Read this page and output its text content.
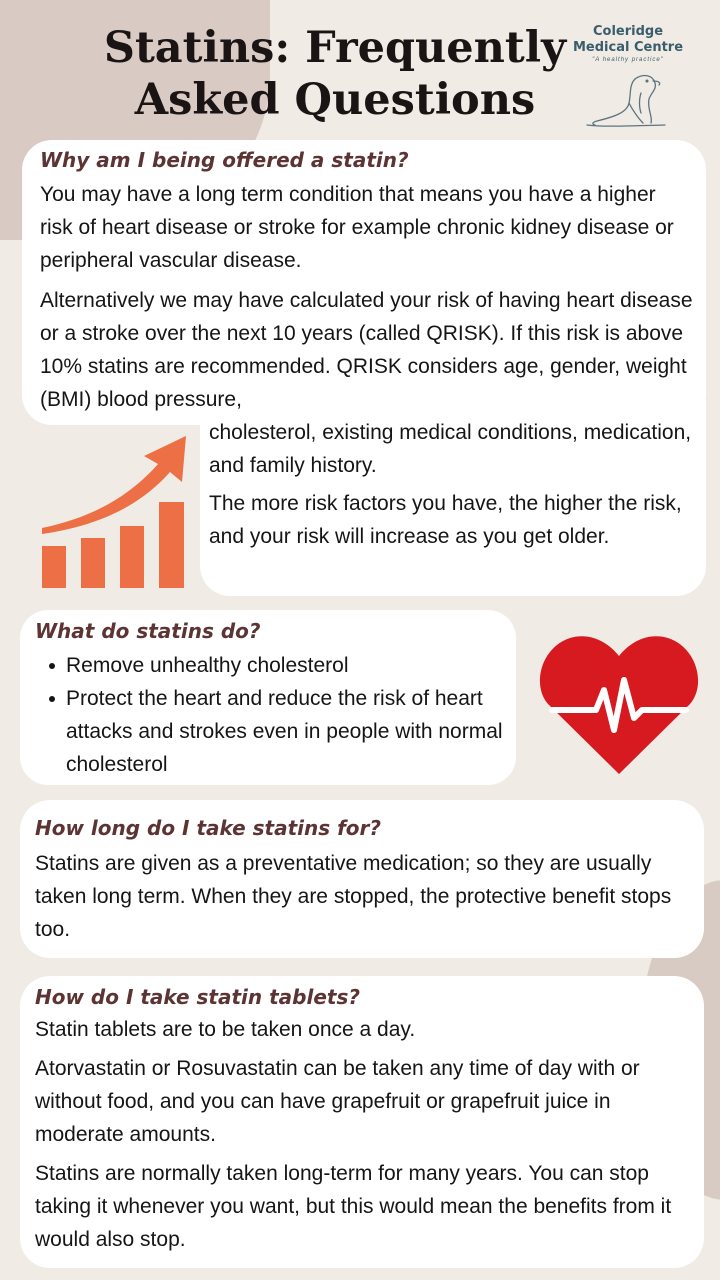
Statins: Frequently
Asked Questions
Coleridge
Medical Centre
"A healthy practice"
Why am I being offered a statin?

You may have a long term condition that means you have a higher risk of heart disease or stroke for example chronic kidney disease or peripheral vascular disease.

Alternatively we may have calculated your risk of having heart disease or a stroke over the next 10 years (called QRISK). If this risk is above 10% statins are recommended. QRISK considers age, gender, weight (BMI) blood pressure,

cholesterol, existing medical conditions, medication, and family history.

The more risk factors you have, the higher the risk, and your risk will increase as you get older.

What do statins do?
Remove unhealthy cholesterol
Protect the heart and reduce the risk of heart attacks and strokes even in people with normal cholesterol
How long do I take statins for?

Statins are given as a preventative medication; so they are usually taken long term. When they are stopped, the protective benefit stops too.

How do I take statin tablets?

Statin tablets are to be taken once a day.

Atorvastatin or Rosuvastatin can be taken any time of day with or without food, and you can have grapefruit or grapefruit juice in moderate amounts.

Statins are normally taken long-term for many years. You can stop taking it whenever you want, but this would mean the benefits from it would also stop.
